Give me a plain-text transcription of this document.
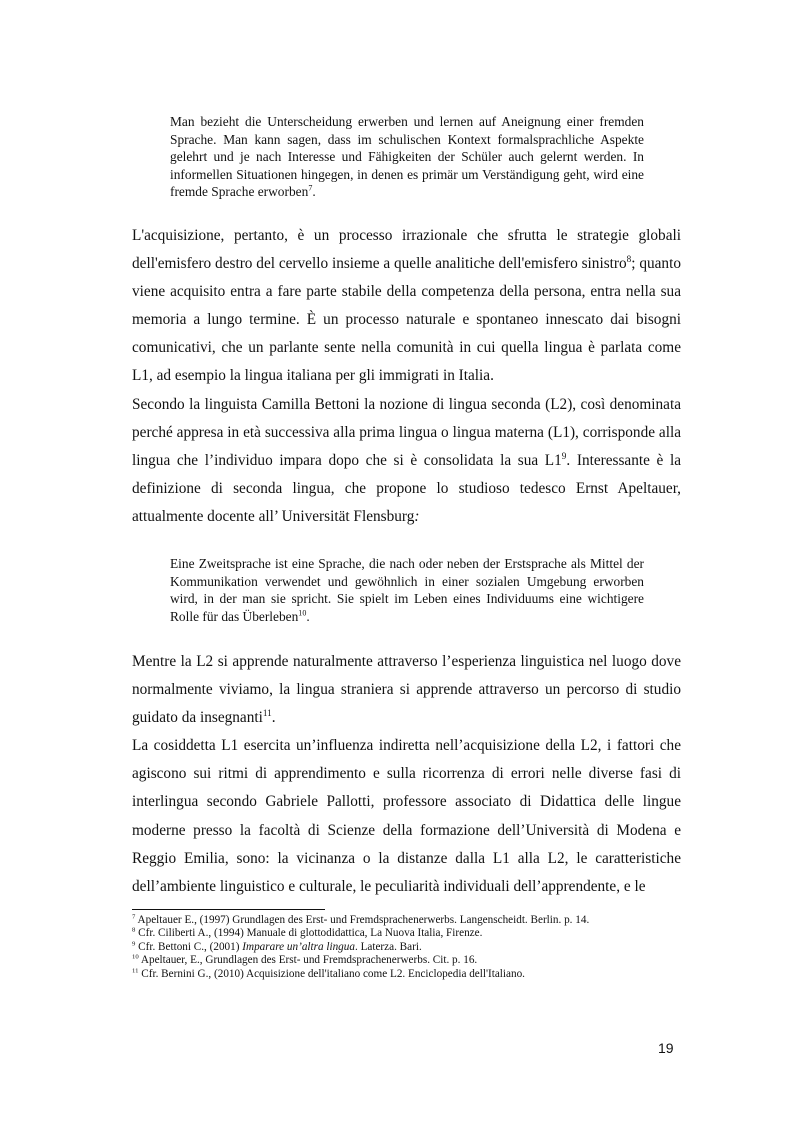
Man bezieht die Unterscheidung erwerben und lernen auf Aneignung einer fremden Sprache. Man kann sagen, dass im schulischen Kontext formalsprachliche Aspekte gelehrt und je nach Interesse und Fähigkeiten der Schüler auch gelernt werden. In informellen Situationen hingegen, in denen es primär um Verständigung geht, wird eine fremde Sprache erworben$^7$.

L'acquisizione, pertanto, è un processo irrazionale che sfrutta le strategie globali dell'emisfero destro del cervello insieme a quelle analitiche dell'emisfero sinistro$^8$; quanto viene acquisito entra a fare parte stabile della competenza della persona, entra nella sua memoria a lungo termine. È un processo naturale e spontaneo innescato dai bisogni comunicativi, che un parlante sente nella comunità in cui quella lingua è parlata come L1, ad esempio la lingua italiana per gli immigrati in Italia.

Secondo la linguista Camilla Bettoni la nozione di lingua seconda (L2), così denominata perché appresa in età successiva alla prima lingua o lingua materna (L1), corrisponde alla lingua che l’individuo impara dopo che si è consolidata la sua $L1^9$. Interessante è la definizione di seconda lingua, che propone lo studioso tedesco Ernst Apeltauer, attualmente docente all’ Universität Flensburg:

Eine Zweitsprache ist eine Sprache, die nach oder neben der Erstsprache als Mittel der Kommunikation verwendet und gewöhnlich in einer sozialen Umgebung erworben wird, in der man sie spricht. Sie spielt im Leben eines Individuums eine wichtigere Rolle für das Überleben$^{10}$.

Mentre la L2 si apprende naturalmente attraverso l’esperienza linguistica nel luogo dove normalmente viviamo, la lingua straniera si apprende attraverso un percorso di studio guidato da insegnanti$^{11}$.

La cosiddetta L1 esercita un’influenza indiretta nell’acquisizione della L2, i fattori che agiscono sui ritmi di apprendimento e sulla ricorrenza di errori nelle diverse fasi di interlingua secondo Gabriele Pallotti, professore associato di Didattica delle lingue moderne presso la facoltà di Scienze della formazione dell’Università di Modena e Reggio Emilia, sono: la vicinanza o la distanze dalla L1 alla L2, le caratteristiche dell’ambiente linguistico e culturale, le peculiarità individuali dell’apprendente, e le

$^7$ Apeltauer E., (1997) Grundlagen des Erst- und Fremdsprachenerwerbs. Langenscheidt. Berlin. p. 14.

$^8$ Cfr. Ciliberti A., (1994) Manuale di glottodidattica, La Nuova Italia, Firenze.

$^9$ Cfr. Bettoni C., (2001) Imparare un’altra lingua. Laterza. Bari.

$^{10}$ Apeltauer, E., Grundlagen des Erst- und Fremdsprachenerwerbs. Cit. p. 16.

$^{11}$ Cfr. Bernini G., (2010) Acquisizione dell'italiano come L2. Enciclopedia dell'Italiano.

19
